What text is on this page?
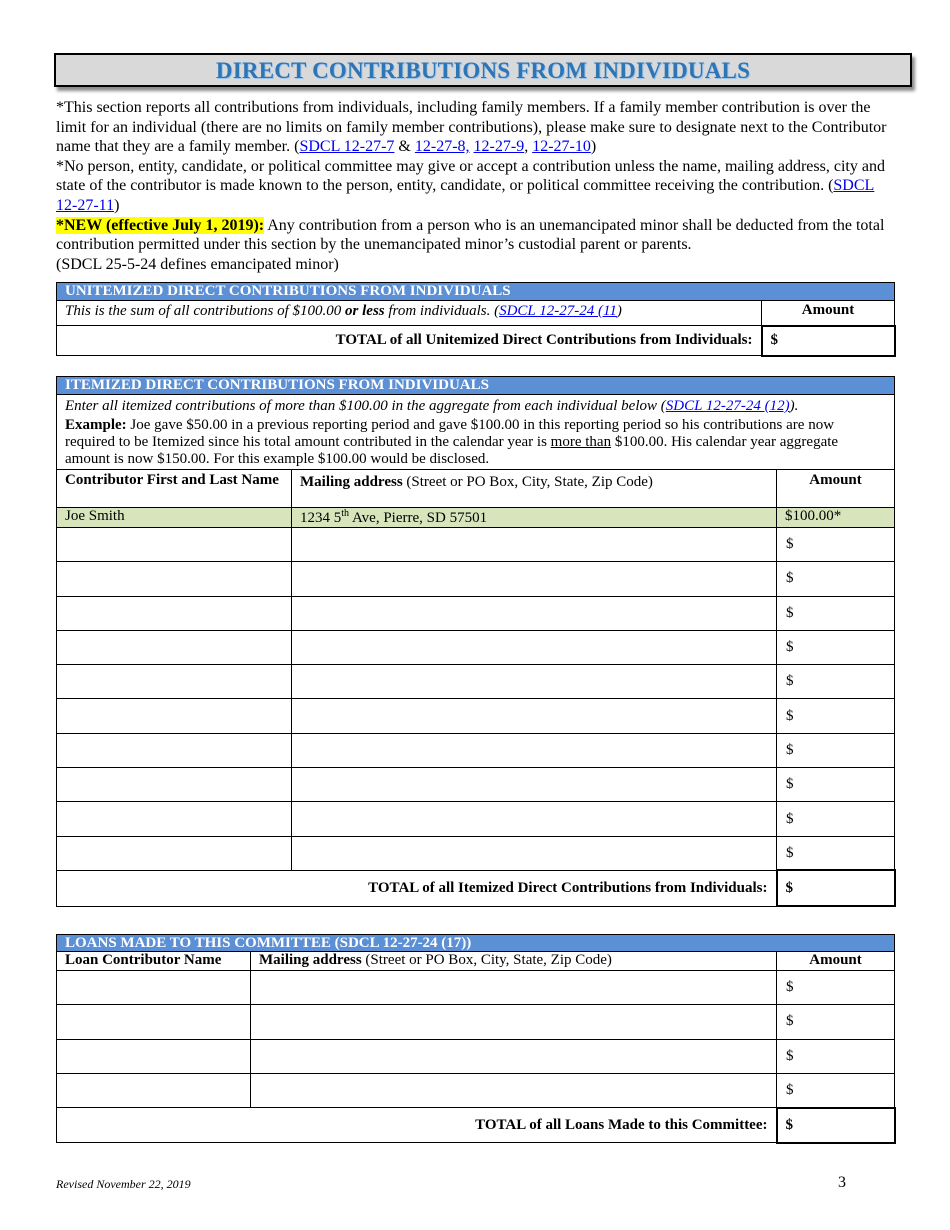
DIRECT CONTRIBUTIONS FROM INDIVIDUALS

*This section reports all contributions from individuals, including family members. If a family member contribution is over the limit for an individual (there are no limits on family member contributions), please make sure to designate next to the Contributor name that they are a family member. (SDCL 12-27-7 & 12-27-8, 12-27-9, 12-27-10)

*No person, entity, candidate, or political committee may give or accept a contribution unless the name, mailing address, city and state of the contributor is made known to the person, entity, candidate, or political committee receiving the contribution. (SDCL 12-27-11)

*NEW (effective July 1, 2019): Any contribution from a person who is an unemancipated minor shall be deducted from the total contribution permitted under this section by the unemancipated minor’s custodial parent or parents.

(SDCL 25-5-24 defines emancipated minor)

UNITEMIZED DIRECT CONTRIBUTIONS FROM INDIVIDUALS	
This is the sum of all contributions of $100.00 or less from individuals. (SDCL 12-27-24 (11)	Amount
TOTAL of all Unitemized Direct Contributions from Individuals:	$
ITEMIZED DIRECT CONTRIBUTIONS FROM INDIVIDUALS		

Enter all itemized contributions of more than $100.00 in the aggregate from each individual below (SDCL 12-27-24 (12)).
Example: Joe gave $50.00 in a previous reporting period and gave $100.00 in this reporting period so his contributions are now required to be Itemized since his total amount contributed in the calendar year is more than $100.00. His calendar year aggregate amount is now $150.00. For this example $100.00 would be disclosed.		

Contributor First and Last Name	Mailing address (Street or PO Box, City, State, Zip Code)	Amount
Joe Smith	1234 5th Ave, Pierre, SD 57501	$100.00*
		$
		$
		$
		$
		$
		$
		$
		$
		$
		$
TOTAL of all Itemized Direct Contributions from Individuals:		$
LOANS MADE TO THIS COMMITTEE (SDCL 12-27-24 (17))		
Loan Contributor Name	Mailing address (Street or PO Box, City, State, Zip Code)	Amount
		$
		$
		$
		$
TOTAL of all Loans Made to this Committee:		$
Revised November 22, 2019	3
